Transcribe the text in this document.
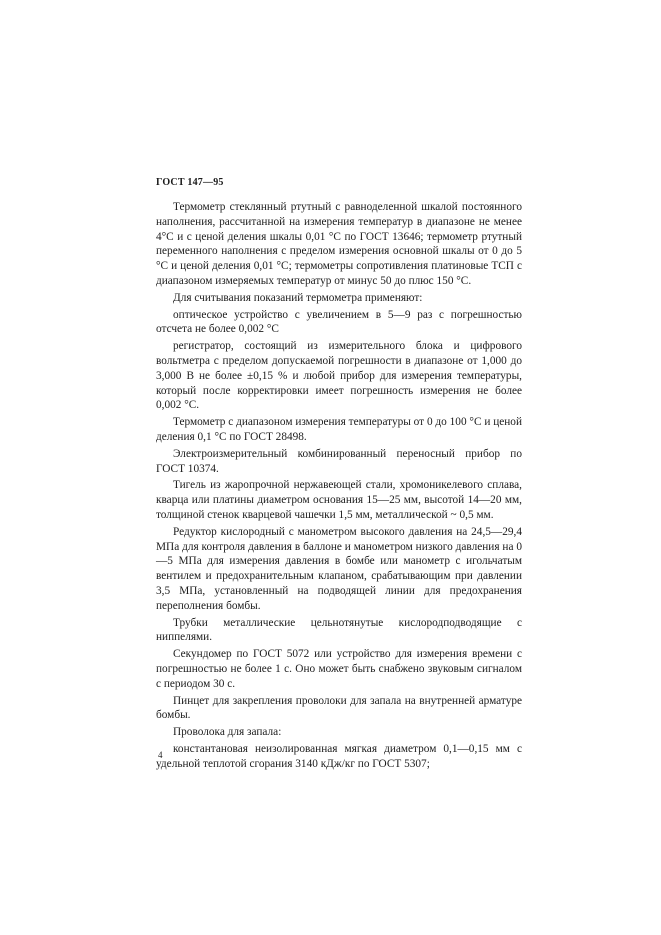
ГОСТ 147—95

Термометр стеклянный ртутный с равноделенной шкалой постоянного наполнения, рассчитанной на измерения температур в диапазоне не менее 4°С и с ценой деления шкалы 0,01 °С по ГОСТ 13646; термометр ртутный переменного наполнения с пределом измерения основной шкалы от 0 до 5 °С и ценой деления 0,01 °С; термометры сопротивления платиновые ТСП с диапазоном измеряемых температур от минус 50 до плюс 150 °С.

Для считывания показаний термометра применяют:

оптическое устройство с увеличением в 5—9 раз с погрешностью отсчета не более 0,002 °С

регистратор, состоящий из измерительного блока и цифрового вольтметра с пределом допускаемой погрешности в диапазоне от 1,000 до 3,000 В не более ±0,15 % и любой прибор для измерения температуры, который после корректировки имеет погрешность измерения не более 0,002 °С.

Термометр с диапазоном измерения температуры от 0 до 100 °С и ценой деления 0,1 °С по ГОСТ 28498.

Электроизмерительный комбинированный переносный прибор по ГОСТ 10374.

Тигель из жаропрочной нержавеющей стали, хромоникелевого сплава, кварца или платины диаметром основания 15—25 мм, высотой 14—20 мм, толщиной стенок кварцевой чашечки 1,5 мм, металлической ~ 0,5 мм.

Редуктор кислородный с манометром высокого давления на 24,5—29,4 МПа для контроля давления в баллоне и манометром низкого давления на 0—5 МПа для измерения давления в бомбе или манометр с игольчатым вентилем и предохранительным клапаном, срабатывающим при давлении 3,5 МПа, установленный на подводящей линии для предохранения переполнения бомбы.

Трубки металлические цельнотянутые кислородподводящие с ниппелями.

Секундомер по ГОСТ 5072 или устройство для измерения времени с погрешностью не более 1 с. Оно может быть снабжено звуковым сигналом с периодом 30 с.

Пинцет для закрепления проволоки для запала на внутренней арматуре бомбы.

Проволока для запала:

константановая неизолированная мягкая диаметром 0,1—0,15 мм с удельной теплотой сгорания 3140 кДж/кг по ГОСТ 5307;

4
